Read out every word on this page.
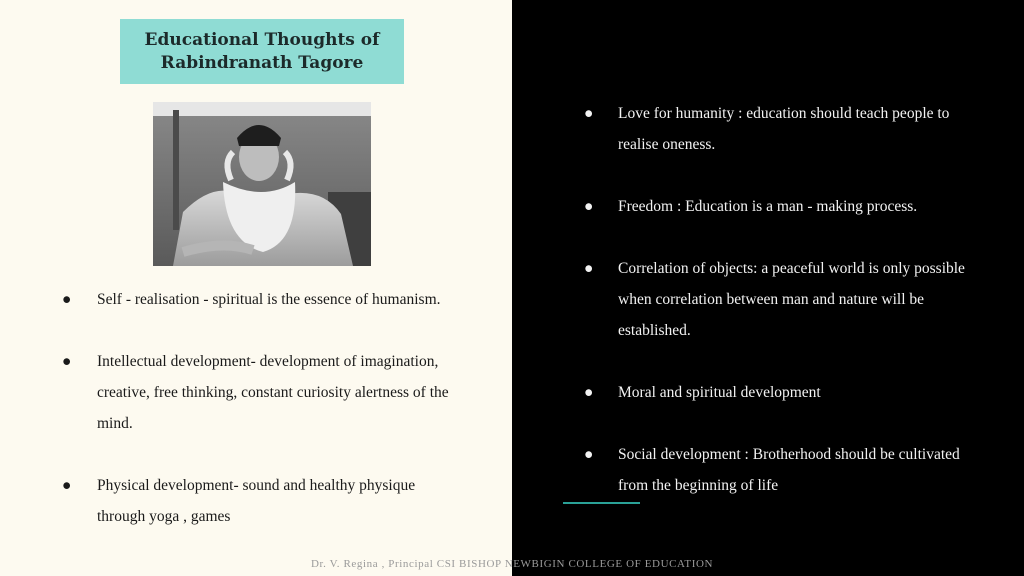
Educational Thoughts of
Rabindranath Tagore
●	Self - realisation - spiritual is the essence of humanism.
●	Intellectual development- development of imagination, creative, free thinking, constant curiosity alertness of the mind.
●	Physical development- sound and healthy physique through yoga , games
●	Love for humanity : education should teach people to realise oneness.
●	Freedom : Education is a man - making process.
●	Correlation of objects: a peaceful world is only possible when correlation between man and nature will be established.
●	Moral and spiritual development
●	Social development : Brotherhood should be cultivated from the beginning of life
Dr. V. Regina , Principal CSI BISHOP NEWBIGIN COLLEGE OF EDUCATION
